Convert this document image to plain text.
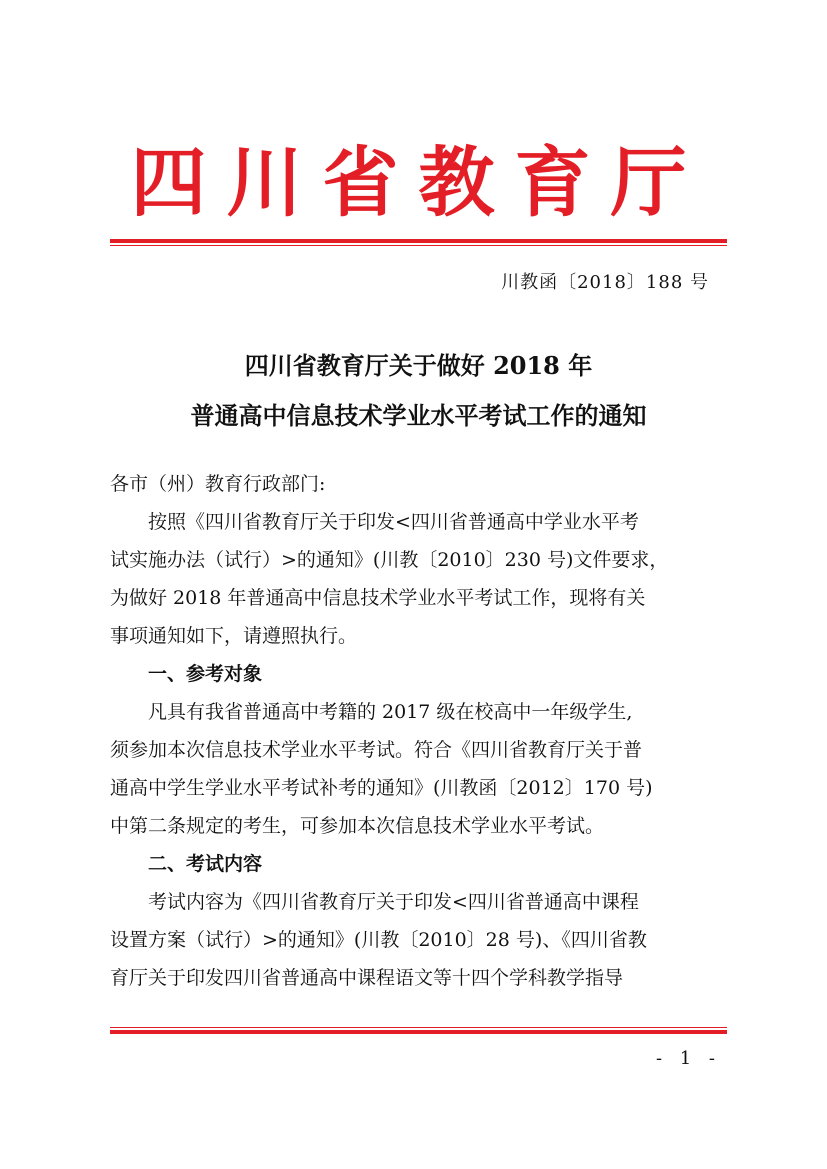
四川省教育厅
川教函〔2018〕188 号
四川省教育厅关于做好 2018 年
普通高中信息技术学业水平考试工作的通知
各市（州）教育行政部门:
按照《四川省教育厅关于印发<四川省普通高中学业水平考
试实施办法（试行）>的通知》(川教〔2010〕230 号)文件要求，
为做好 2018 年普通高中信息技术学业水平考试工作，现将有关
事项通知如下，请遵照执行。
一、参考对象
凡具有我省普通高中考籍的 2017 级在校高中一年级学生,
须参加本次信息技术学业水平考试。符合《四川省教育厅关于普
通高中学生学业水平考试补考的通知》(川教函〔2012〕170 号)
中第二条规定的考生，可参加本次信息技术学业水平考试。
二、考试内容
考试内容为《四川省教育厅关于印发<四川省普通高中课程
设置方案（试行）>的通知》(川教〔2010〕28 号)、《四川省教
育厅关于印发四川省普通高中课程语文等十四个学科教学指导
- 1 -
